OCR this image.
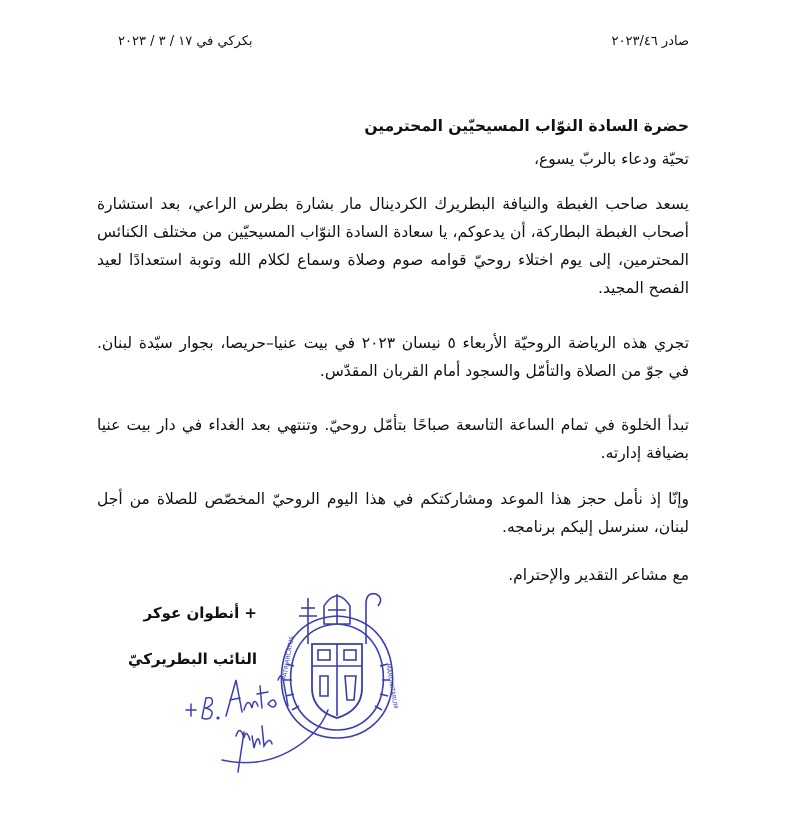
صادر ٢٠٢٣/٤٦
بكركي في ١٧ / ٣ / ٢٠٢٣
حضرة السادة النوّاب المسيحيّين المحترمين
تحيّة ودعاء بالربّ يسوع،
يسعد صاحب الغبطة والنيافة البطريرك الكردينال مار بشارة بطرس الراعي، بعد استشارة أصحاب الغبطة البطاركة، أن يدعوكم، يا سعادة السادة النوّاب المسيحيّين من مختلف الكنائس المحترمين، إلى يوم اختلاء روحيّ قوامه صوم وصلاة وسماع لكلام الله وتوبة استعدادًا لعيد الفصح المجيد.
تجري هذه الرياضة الروحيّة الأربعاء ٥ نيسان ٢٠٢٣ في بيت عنيا–حريصا، بجوار سيّدة لبنان. في جوّ من الصلاة والتأمّل والسجود أمام القربان المقدّس.
تبدأ الخلوة في تمام الساعة التاسعة صباحًا بتأمّل روحيّ. وتنتهي بعد الغداء في دار بيت عنيا بضيافة إدارته.
وإنّا إذ نأمل حجز هذا الموعد ومشاركتكم في هذا اليوم الروحيّ المخصّص للصلاة من أجل لبنان، سنرسل إليكم برنامجه.
مع مشاعر التقدير والإحترام.
+ أنطوان عوكر
النائب البطريركيّ	PATRIARCATUS
MARONITARUM
